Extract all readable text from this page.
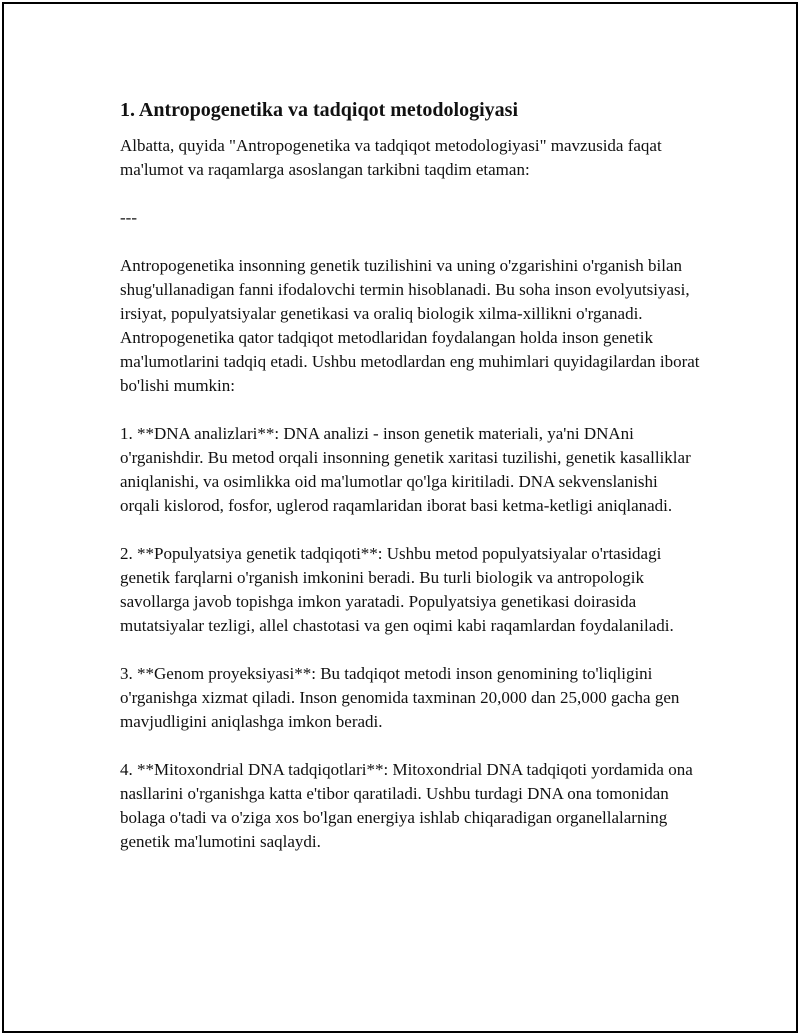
1. Antropogenetika va tadqiqot metodologiyasi

Albatta, quyida "Antropogenetika va tadqiqot metodologiyasi" mavzusida faqat ma'lumot va raqamlarga asoslangan tarkibni taqdim etaman:

---

Antropogenetika insonning genetik tuzilishini va uning o'zgarishini o'rganish bilan shug'ullanadigan fanni ifodalovchi termin hisoblanadi. Bu soha inson evolyutsiyasi, irsiyat, populyatsiyalar genetikasi va oraliq biologik xilma-xillikni o'rganadi. Antropogenetika qator tadqiqot metodlaridan foydalangan holda inson genetik ma'lumotlarini tadqiq etadi. Ushbu metodlardan eng muhimlari quyidagilardan iborat bo'lishi mumkin:

1. **DNA analizlari**: DNA analizi - inson genetik materiali, ya'ni DNAni o'rganishdir. Bu metod orqali insonning genetik xaritasi tuzilishi, genetik kasalliklar aniqlanishi, va osimlikka oid ma'lumotlar qo'lga kiritiladi. DNA sekvenslanishi orqali kislorod, fosfor, uglerod raqamlaridan iborat basi ketma-ketligi aniqlanadi.

2. **Populyatsiya genetik tadqiqoti**: Ushbu metod populyatsiyalar o'rtasidagi genetik farqlarni o'rganish imkonini beradi. Bu turli biologik va antropologik savollarga javob topishga imkon yaratadi. Populyatsiya genetikasi doirasida mutatsiyalar tezligi, allel chastotasi va gen oqimi kabi raqamlardan foydalaniladi.

3. **Genom proyeksiyasi**: Bu tadqiqot metodi inson genomining to'liqligini o'rganishga xizmat qiladi. Inson genomida taxminan 20,000 dan 25,000 gacha gen mavjudligini aniqlashga imkon beradi.

4. **Mitoxondrial DNA tadqiqotlari**: Mitoxondrial DNA tadqiqoti yordamida ona nasllarini o'rganishga katta e'tibor qaratiladi. Ushbu turdagi DNA ona tomonidan bolaga o'tadi va o'ziga xos bo'lgan energiya ishlab chiqaradigan organellalarning genetik ma'lumotini saqlaydi.
